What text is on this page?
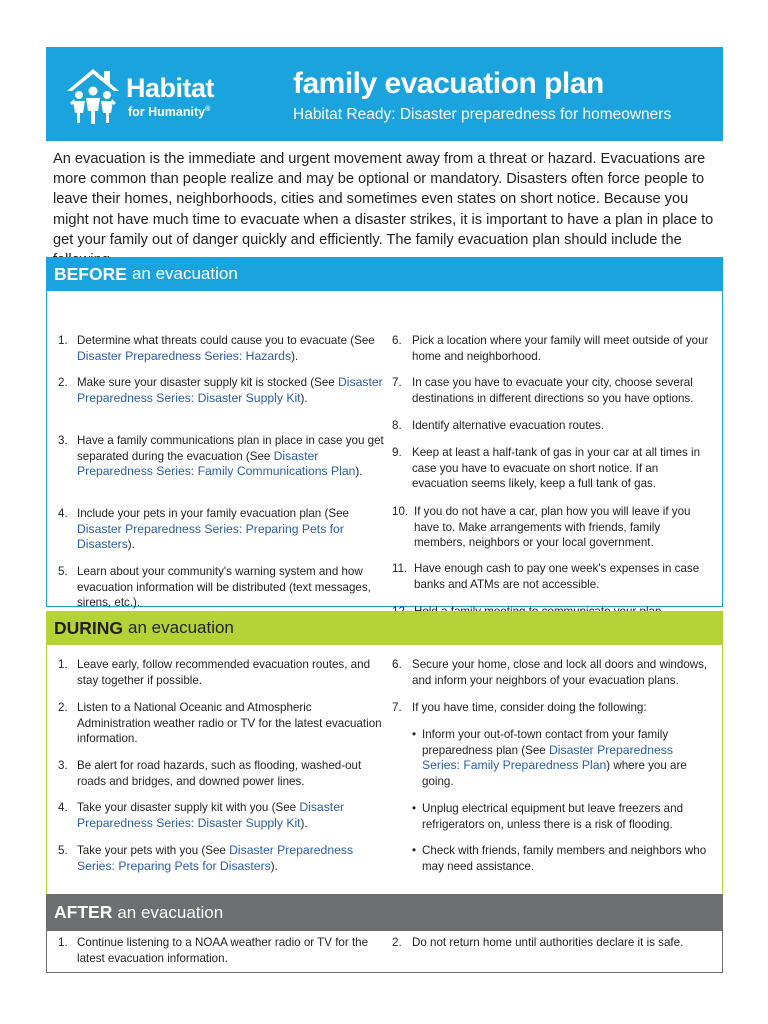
Habitat
for Humanity®
family evacuation plan
Habitat Ready: Disaster preparedness for homeowners

An evacuation is the immediate and urgent movement away from a threat or hazard. Evacuations are more common than people realize and may be optional or mandatory. Disasters often force people to leave their homes, neighborhoods, cities and sometimes even states on short notice. Because you might not have much time to evacuate when a disaster strikes, it is important to have a plan in place to get your family out of danger quickly and efficiently. The family evacuation plan should include the

BEFORE an evacuation
1. Determine what threats could cause you to evacuate (See Disaster Preparedness Series: Hazards).
2. Make sure your disaster supply kit is stocked (See Disaster Preparedness Series: Disaster Supply Kit).
3. Have a family communications plan in place in case you get separated during the evacuation (See Disaster Preparedness Series: Family Communications Plan).
4. Include your pets in your family evacuation plan (See Disaster Preparedness Series: Preparing Pets for Disasters).
5. Learn about your community's warning system and how evacuation information will be distributed (text messages, sirens, etc.).
6. Pick a location where your family will meet outside of your home and neighborhood.
7. In case you have to evacuate your city, choose several destinations in different directions so you have options.
8. Identify alternative evacuation routes.
9. Keep at least a half-tank of gas in your car at all times in case you have to evacuate on short notice. If an evacuation seems likely, keep a full tank of gas.
10. If you do not have a car, plan how you will leave if you have to. Make arrangements with friends, family members, neighbors or your local government.
11. Have enough cash to pay one week's expenses in case banks and ATMs are not accessible.
DURING an evacuation
1. Leave early, follow recommended evacuation routes, and stay together if possible.
2. Listen to a National Oceanic and Atmospheric Administration weather radio or TV for the latest evacuation information.
3. Be alert for road hazards, such as flooding, washed-out roads and bridges, and downed power lines.
4. Take your disaster supply kit with you (See Disaster Preparedness Series: Disaster Supply Kit).
5. Take your pets with you (See Disaster Preparedness Series: Preparing Pets for Disasters).
6. Secure your home, close and lock all doors and windows, and inform your neighbors of your evacuation plans.
7. If you have time, consider doing the following:
• Inform your out-of-town contact from your family preparedness plan (See Disaster Preparedness Series: Family Preparedness Plan) where you are going.
• Unplug electrical equipment but leave freezers and refrigerators on, unless there is a risk of flooding.
• Check with friends, family members and neighbors who may need assistance.
AFTER an evacuation
1. Continue listening to a NOAA weather radio or TV for the latest evacuation information.
2. Do not return home until authorities declare it is safe.
